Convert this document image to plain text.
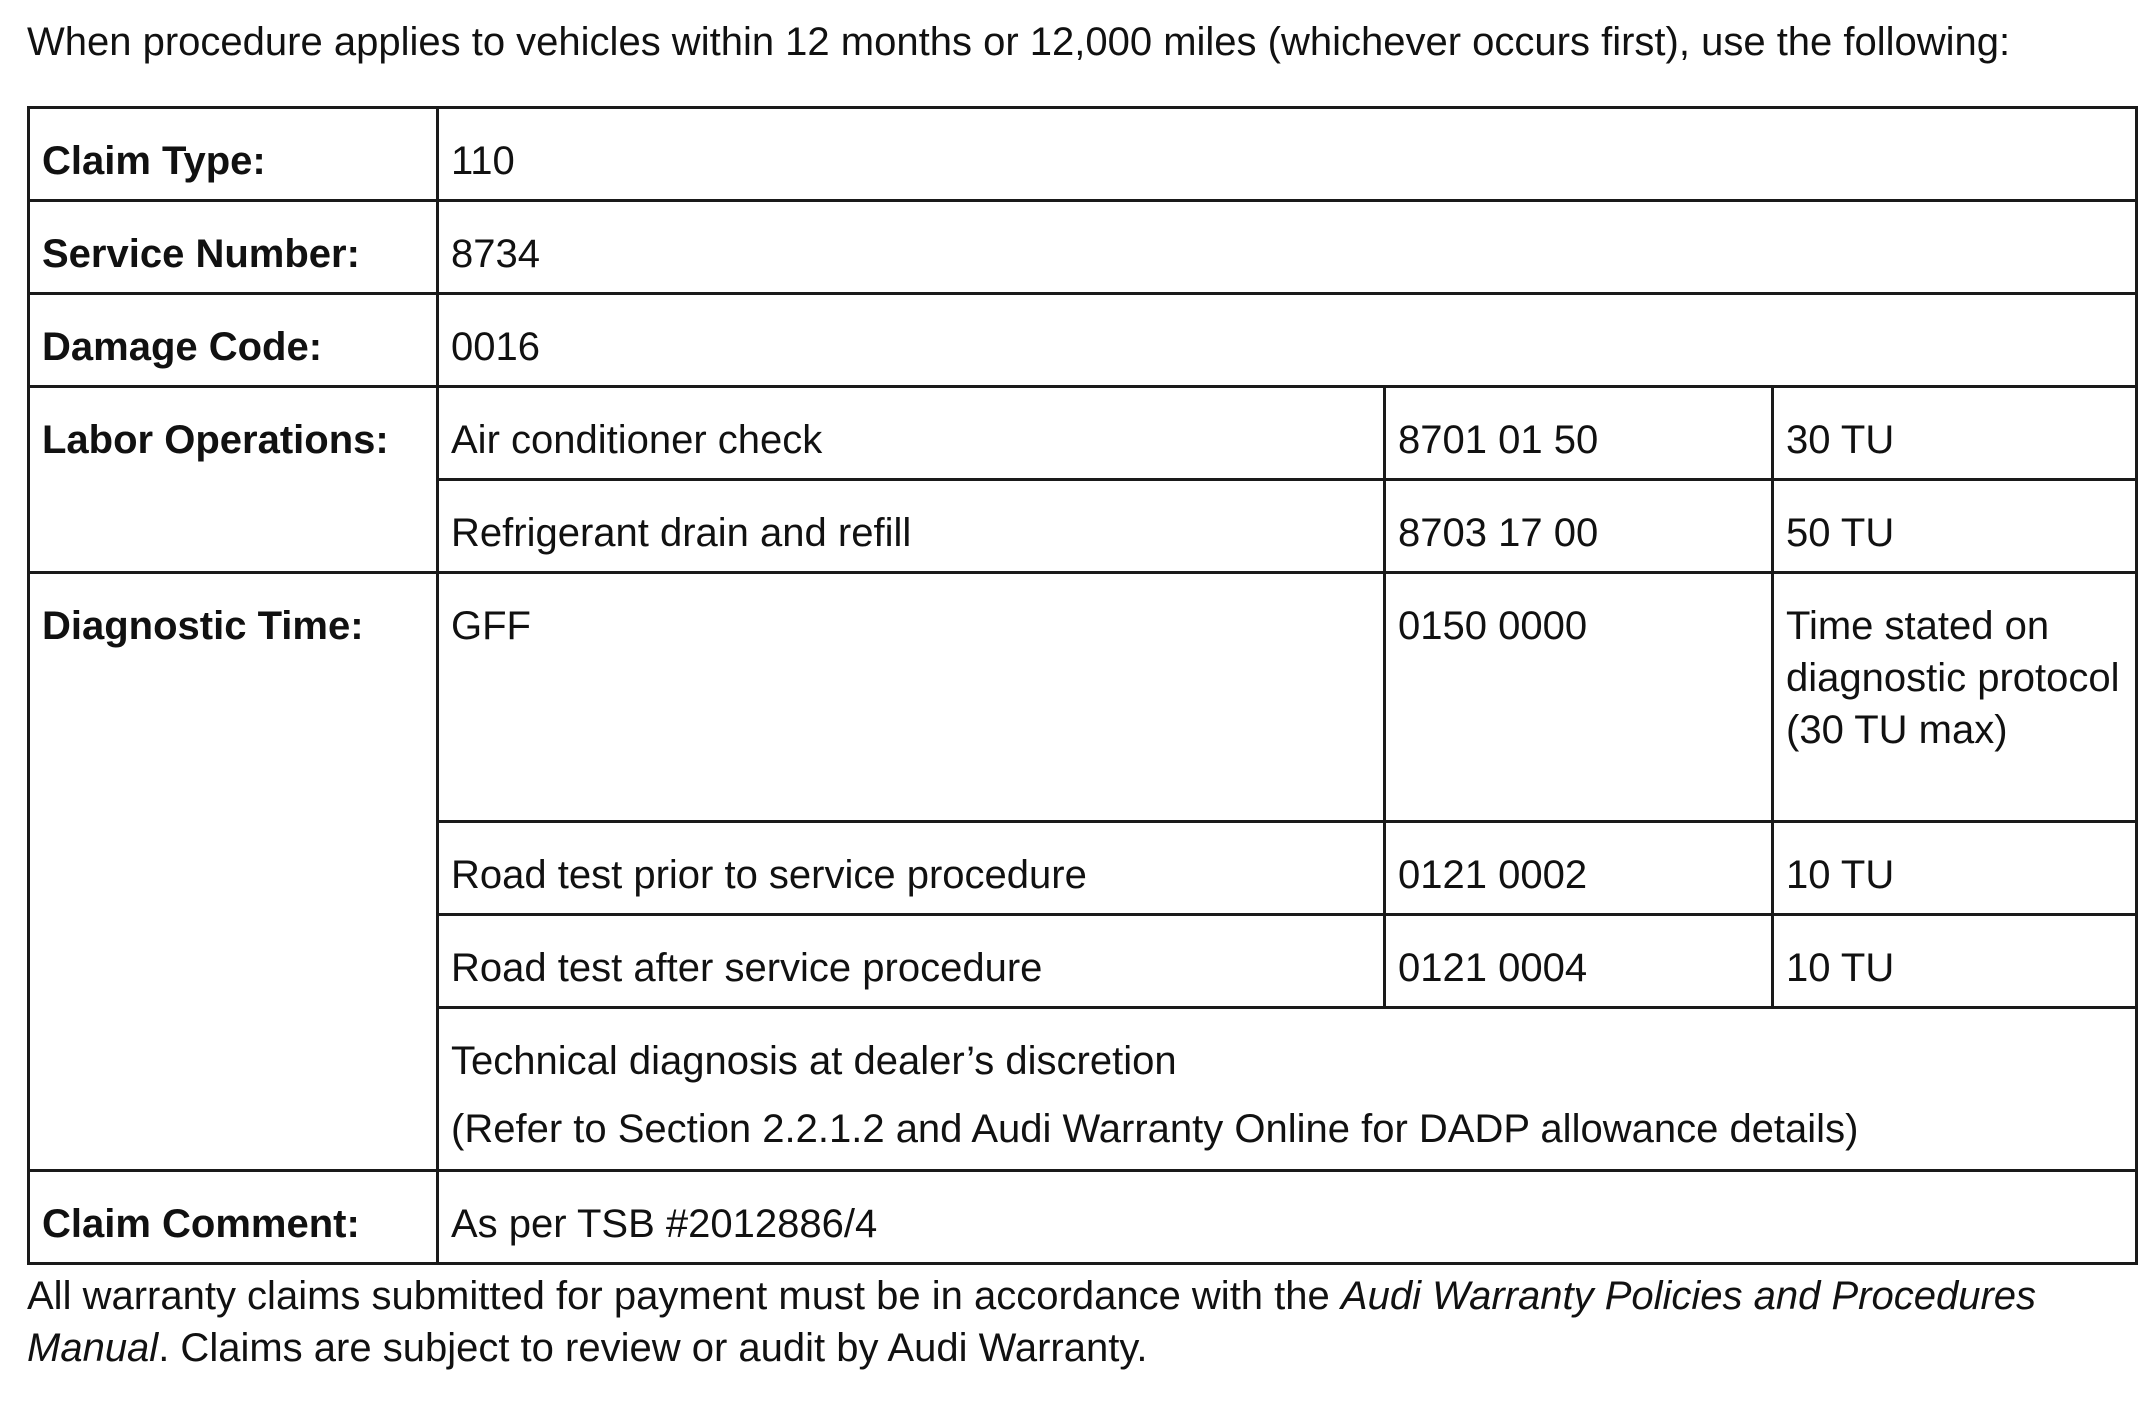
When procedure applies to vehicles within 12 months or 12,000 miles (whichever occurs first), use the following:
Claim Type:	110		
Service Number:	8734		
Damage Code:	0016		
Labor Operations:	Air conditioner check	8701 01 50	30 TU
	Refrigerant drain and refill	8703 17 00	50 TU
Diagnostic Time:	GFF	0150 0000	Time stated on diagnostic protocol (30 TU max)
	Road test prior to service procedure	0121 0002	10 TU
	Road test after service procedure	0121 0004	10 TU

	Technical diagnosis at dealer’s discretion
(Refer to Section 2.2.1.2 and Audi Warranty Online for DADP allowance details)		

Claim Comment:	As per TSB #2012886/4		
All warranty claims submitted for payment must be in accordance with the Audi Warranty Policies and Procedures Manual. Claims are subject to review or audit by Audi Warranty.
